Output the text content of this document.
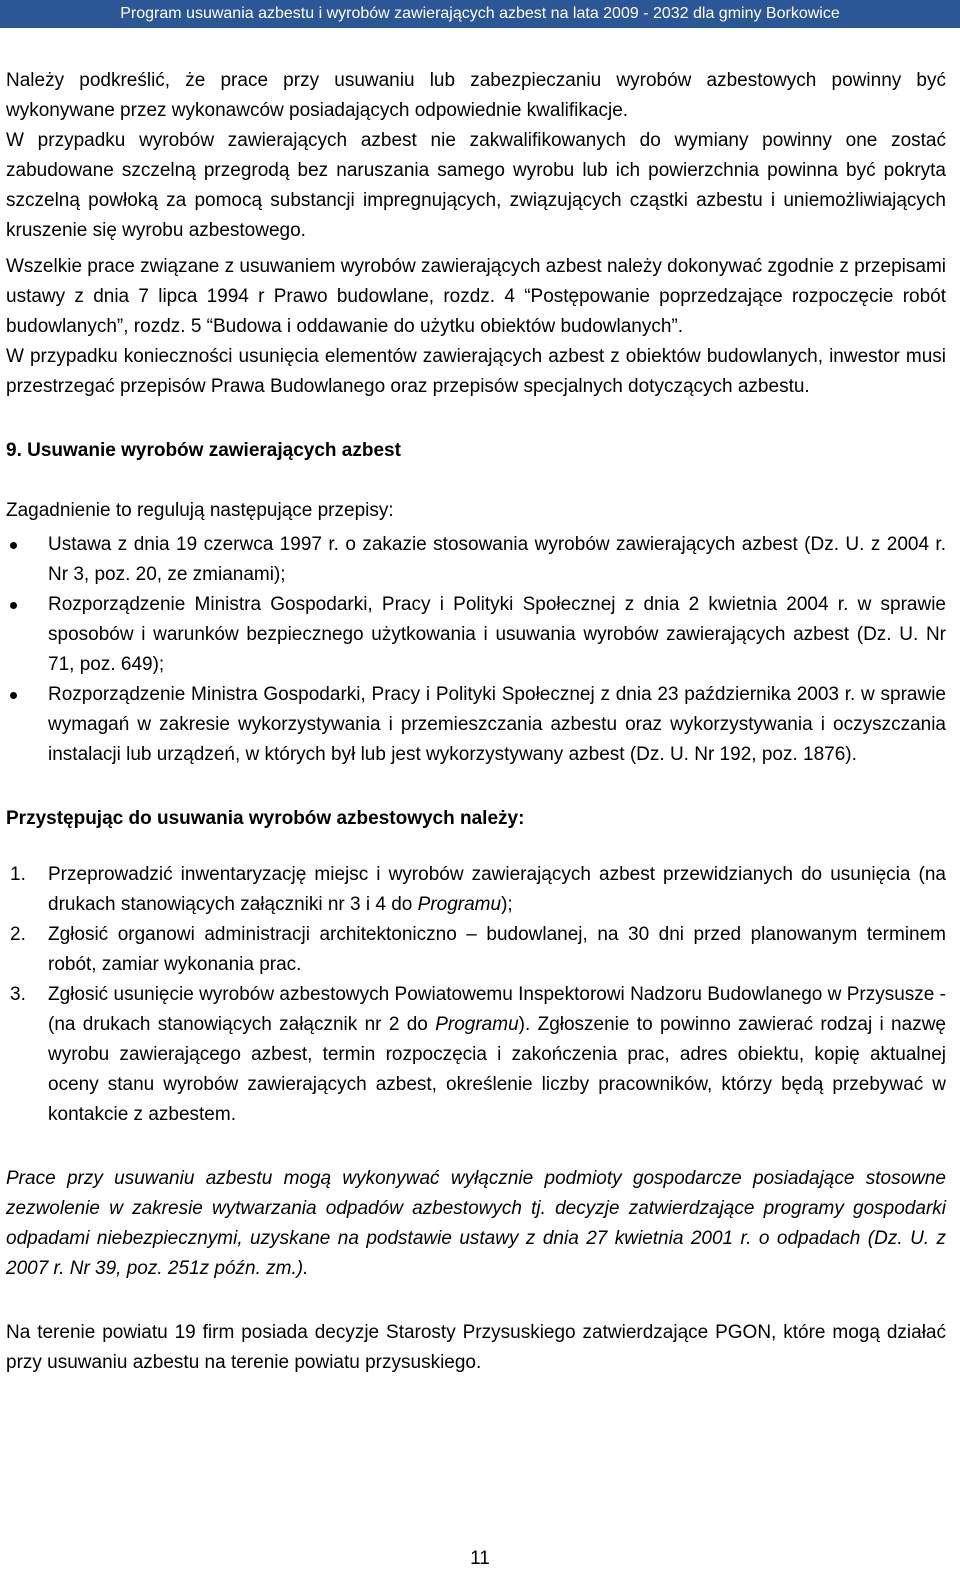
Program usuwania azbestu i wyrobów zawierających azbest na lata 2009 - 2032 dla gminy Borkowice

Należy podkreślić, że prace przy usuwaniu lub zabezpieczaniu wyrobów azbestowych powinny być wykonywane przez wykonawców posiadających odpowiednie kwalifikacje.

W przypadku wyrobów zawierających azbest nie zakwalifikowanych do wymiany powinny one zostać zabudowane szczelną przegrodą bez naruszania samego wyrobu lub ich powierzchnia powinna być pokryta szczelną powłoką za pomocą substancji impregnujących, związujących cząstki azbestu i uniemożliwiających kruszenie się wyrobu azbestowego.

Wszelkie prace związane z usuwaniem wyrobów zawierających azbest należy dokonywać zgodnie z przepisami ustawy z dnia 7 lipca 1994 r Prawo budowlane, rozdz. 4 “Postępowanie poprzedzające rozpoczęcie robót budowlanych”, rozdz. 5 “Budowa i oddawanie do użytku obiektów budowlanych”.

W przypadku konieczności usunięcia elementów zawierających azbest z obiektów budowlanych, inwestor musi przestrzegać przepisów Prawa Budowlanego oraz przepisów specjalnych dotyczących azbestu.

9. Usuwanie wyrobów zawierających azbest

Zagadnienie to regulują następujące przepisy:

Ustawa z dnia 19 czerwca 1997 r. o zakazie stosowania wyrobów zawierających azbest (Dz. U. z 2004 r. Nr 3, poz. 20, ze zmianami);
Rozporządzenie Ministra Gospodarki, Pracy i Polityki Społecznej z dnia 2 kwietnia 2004 r. w sprawie sposobów i warunków bezpiecznego użytkowania i usuwania wyrobów zawierających azbest (Dz. U. Nr 71, poz. 649);
Rozporządzenie Ministra Gospodarki, Pracy i Polityki Społecznej z dnia 23 października 2003 r. w sprawie wymagań w zakresie wykorzystywania i przemieszczania azbestu oraz wykorzystywania i oczyszczania instalacji lub urządzeń, w których był lub jest wykorzystywany azbest (Dz. U. Nr 192, poz. 1876).

Przystępując do usuwania wyrobów azbestowych należy:

1. Przeprowadzić inwentaryzację miejsc i wyrobów zawierających azbest przewidzianych do usunięcia (na drukach stanowiących załączniki nr 3 i 4 do Programu);
2. Zgłosić organowi administracji architektoniczno – budowlanej, na 30 dni przed planowanym terminem robót, zamiar wykonania prac.
3. Zgłosić usunięcie wyrobów azbestowych Powiatowemu Inspektorowi Nadzoru Budowlanego w Przysusze - (na drukach stanowiących załącznik nr 2 do Programu). Zgłoszenie to powinno zawierać rodzaj i nazwę wyrobu zawierającego azbest, termin rozpoczęcia i zakończenia prac, adres obiektu, kopię aktualnej oceny stanu wyrobów zawierających azbest, określenie liczby pracowników, którzy będą przebywać w kontakcie z azbestem.

Prace przy usuwaniu azbestu mogą wykonywać wyłącznie podmioty gospodarcze posiadające stosowne zezwolenie w zakresie wytwarzania odpadów azbestowych tj. decyzje zatwierdzające programy gospodarki odpadami niebezpiecznymi, uzyskane na podstawie ustawy z dnia 27 kwietnia 2001 r. o odpadach (Dz. U. z 2007 r. Nr 39, poz. 251z późn. zm.).

Na terenie powiatu 19 firm posiada decyzje Starosty Przysuskiego zatwierdzające PGON, które mogą działać przy usuwaniu azbestu na terenie powiatu przysuskiego.

11
